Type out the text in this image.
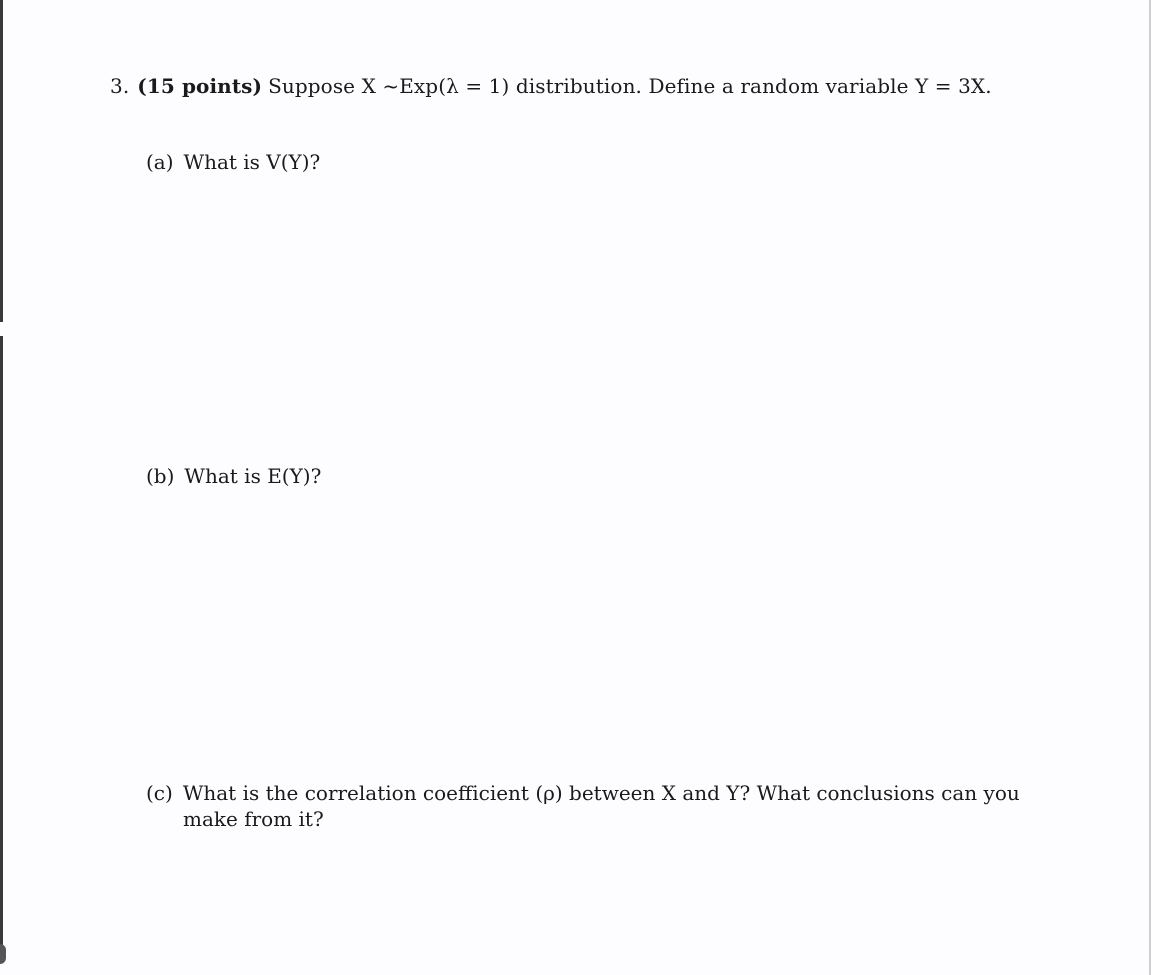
3. (15 points) Suppose X ~Exp(λ = 1) distribution. Define a random variable Y = 3X.
(a) What is V(Y)?
(b) What is E(Y)?
(c) What is the correlation coefficient (ρ) between X and Y? What conclusions can you
make from it?
